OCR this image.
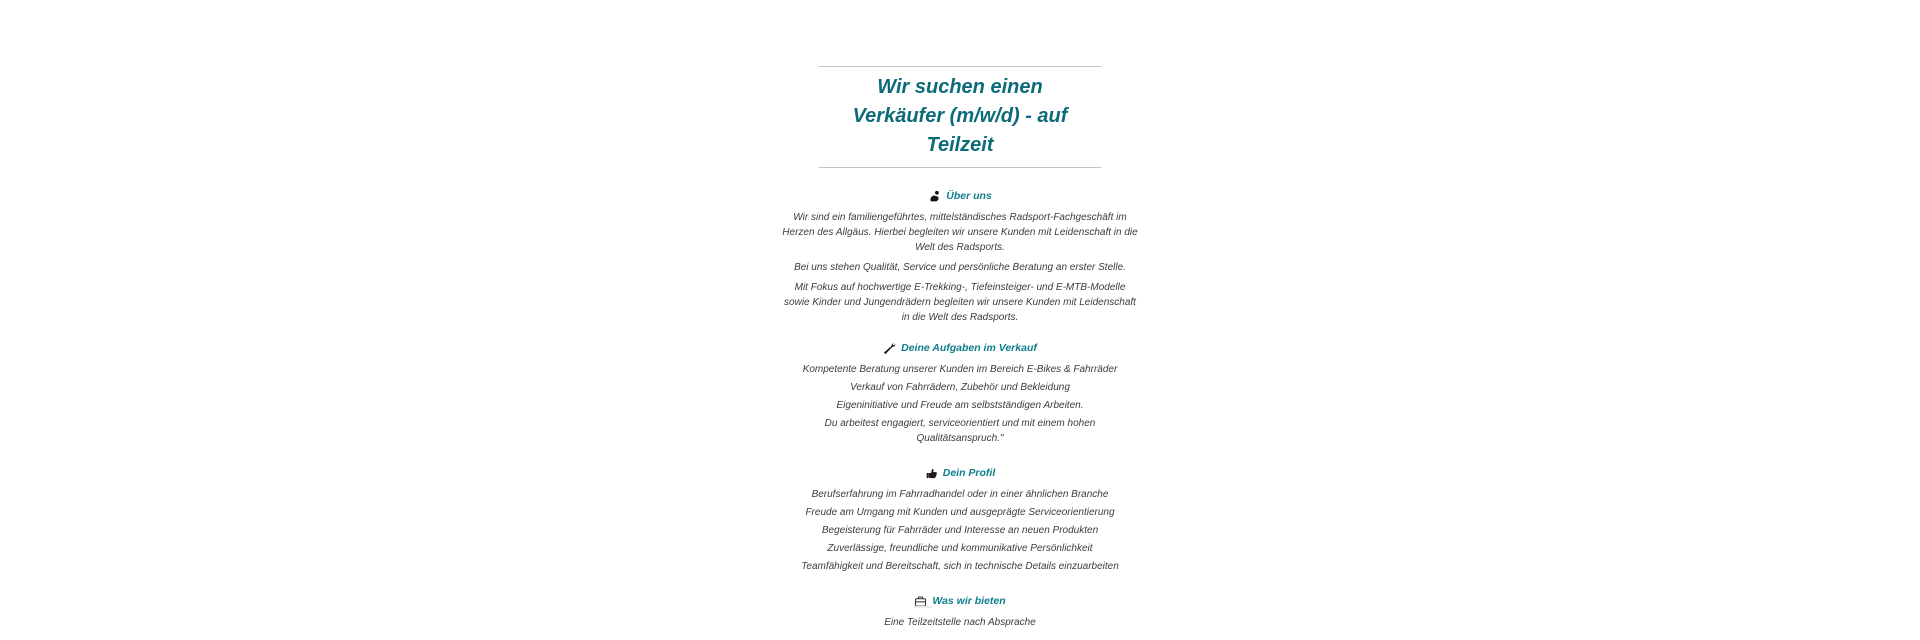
Wir suchen einen
Verkäufer (m/w/d) - auf
Teilzeit
Über uns

Wir sind ein familiengeführtes, mittelständisches Radsport-Fachgeschäft im Herzen des Allgäus. Hierbei begleiten wir unsere Kunden mit Leidenschaft in die Welt des Radsports.

Bei uns stehen Qualität, Service und persönliche Beratung an erster Stelle.

Mit Fokus auf hochwertige E-Trekking-, Tiefeinsteiger- und E-MTB-Modelle sowie Kinder und Jungendrädern begleiten wir unsere Kunden mit Leidenschaft in die Welt des Radsports.

Deine Aufgaben im Verkauf

Kompetente Beratung unserer Kunden im Bereich E-Bikes & Fahrräder

Verkauf von Fahrrädern, Zubehör und Bekleidung

Eigeninitiative und Freude am selbstständigen Arbeiten.

Du arbeitest engagiert, serviceorientiert und mit einem hohen Qualitätsanspruch."

Dein Profil

Berufserfahrung im Fahrradhandel oder in einer ähnlichen Branche

Freude am Umgang mit Kunden und ausgeprägte Serviceorientierung

Begeisterung für Fahrräder und Interesse an neuen Produkten

Zuverlässige, freundliche und kommunikative Persönlichkeit

Teamfähigkeit und Bereitschaft, sich in technische Details einzuarbeiten

Was wir bieten

Eine Teilzeitstelle nach Absprache
